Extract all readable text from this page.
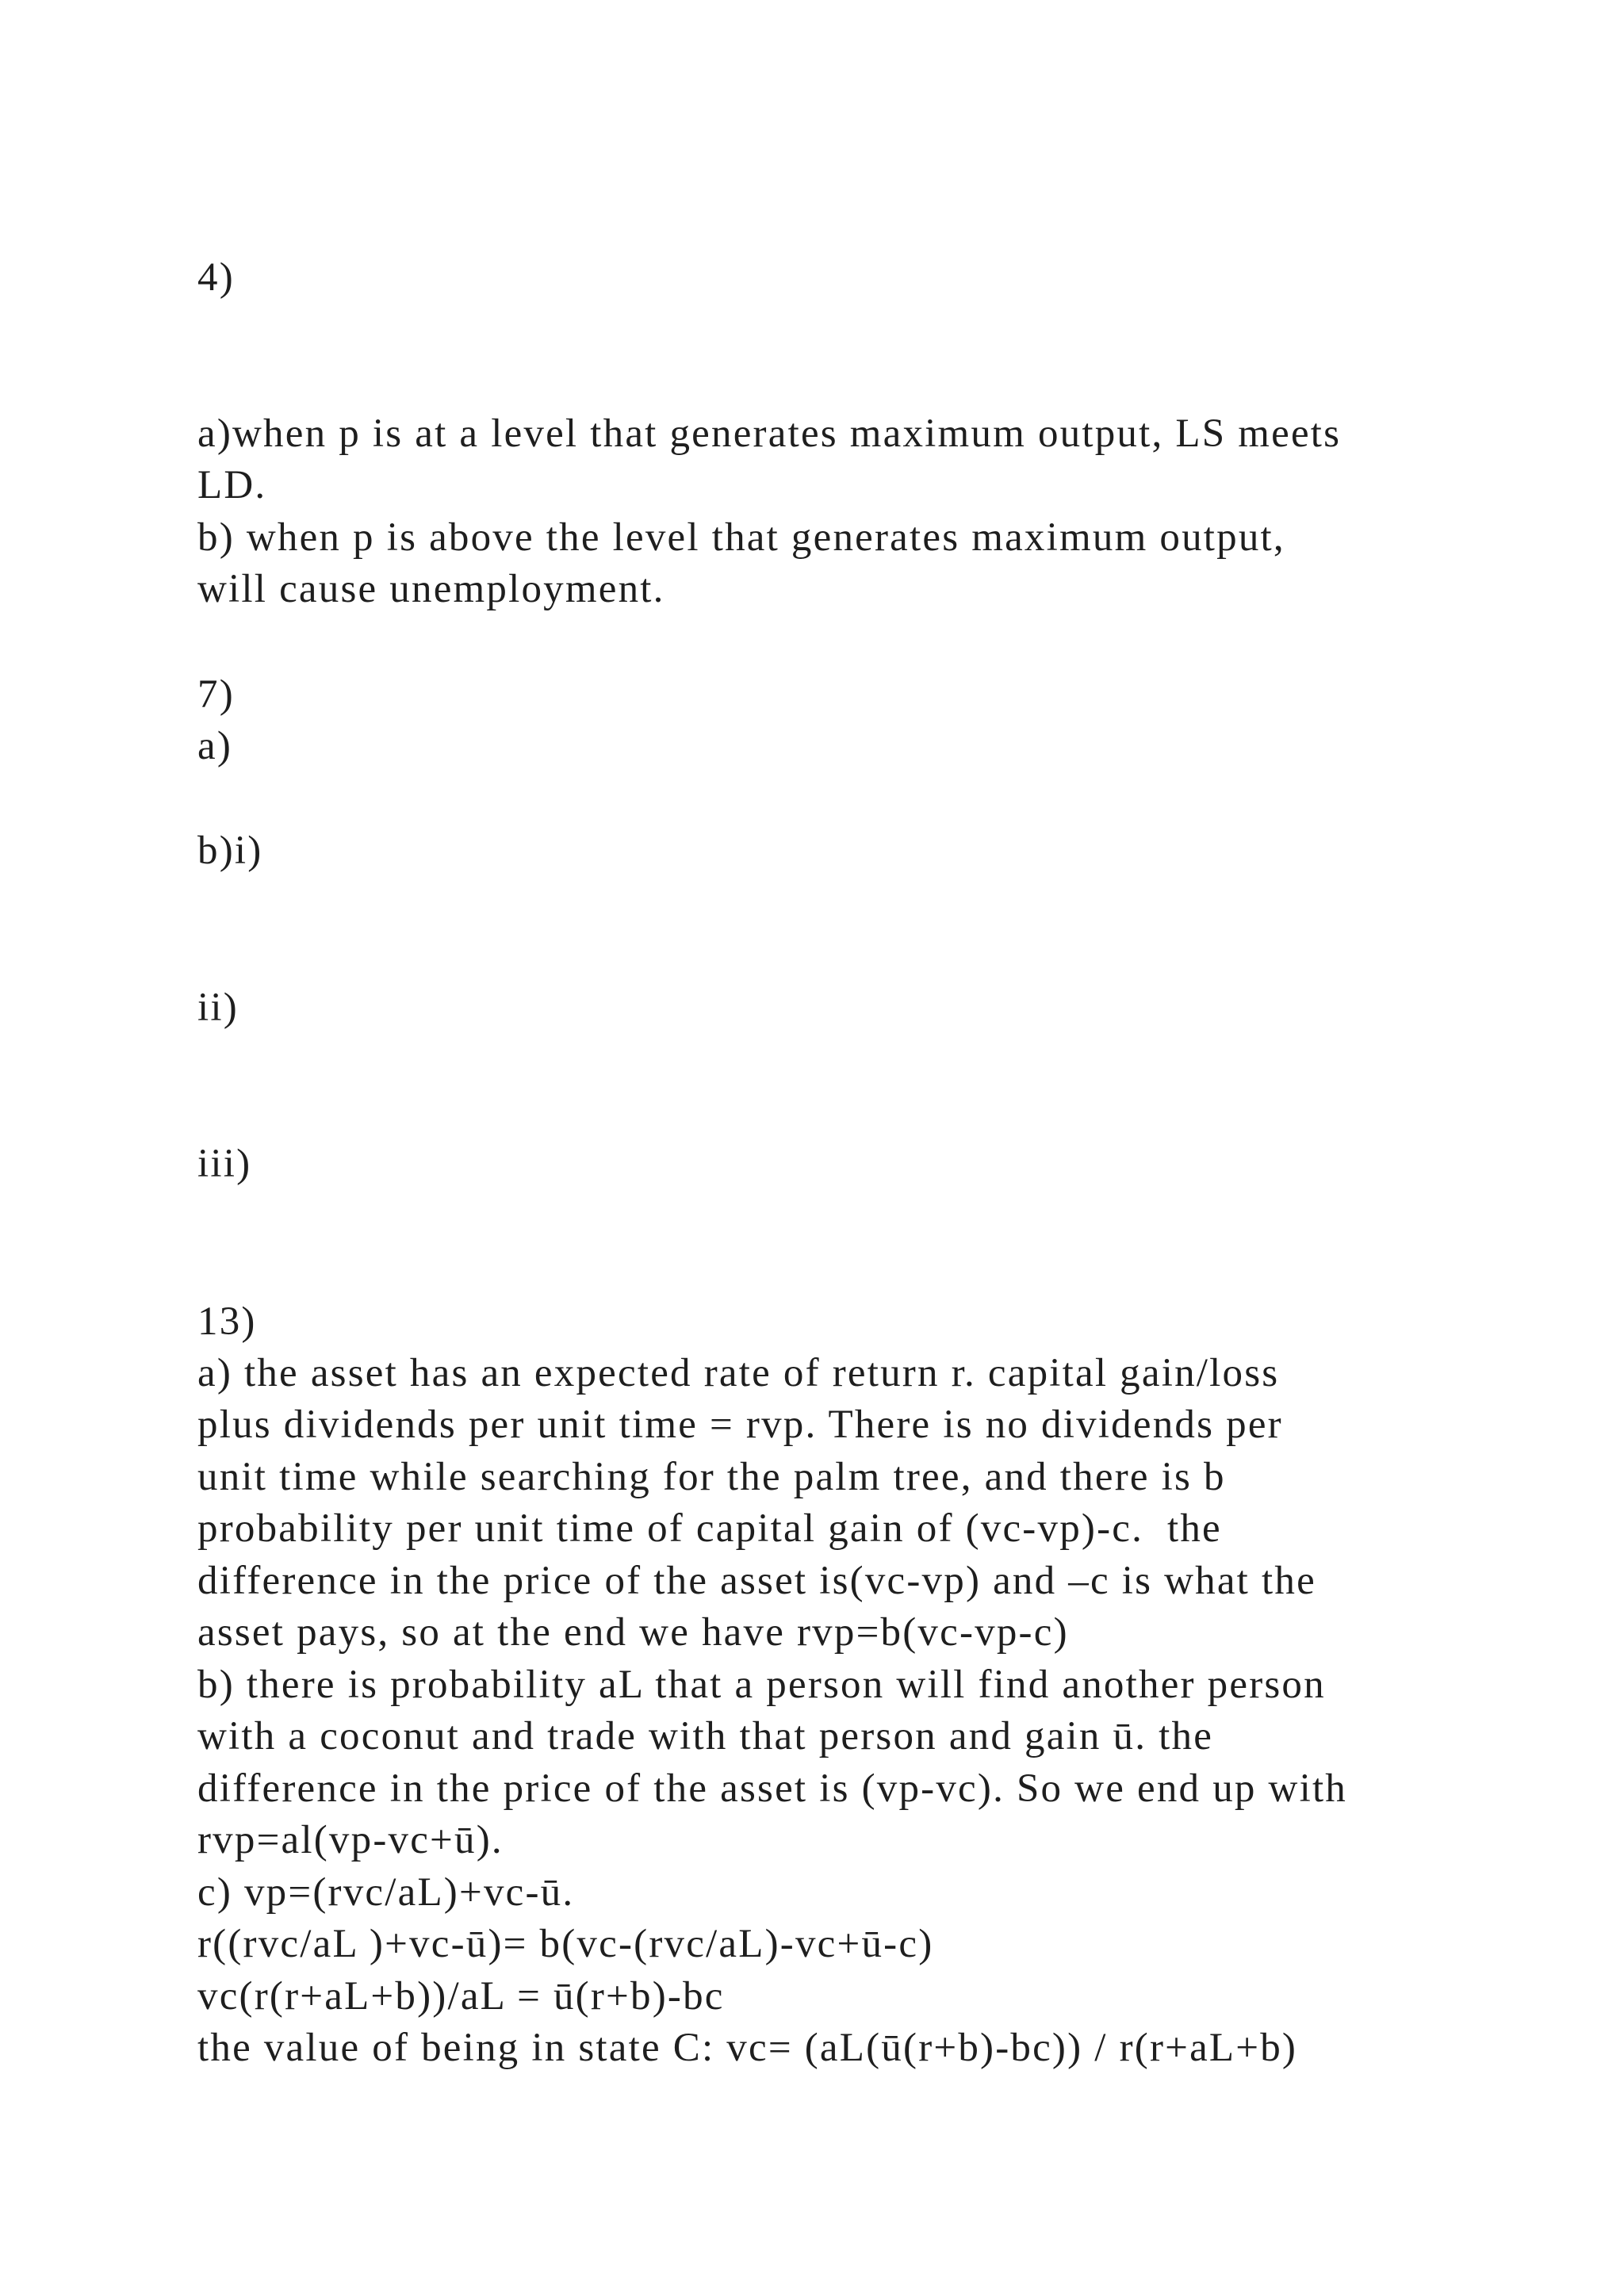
4)

a)when p is at a level that generates maximum output, LS meets

LD.

b) when p is above the level that generates maximum output,

will cause unemployment.

7)

a)

b)i)

ii)

iii)

13)

a) the asset has an expected rate of return r. capital gain/loss

plus dividends per unit time = rvp. There is no dividends per

unit time while searching for the palm tree, and there is b

probability per unit time of capital gain of (vc-vp)-c.  the

difference in the price of the asset is(vc-vp) and –c is what the

asset pays, so at the end we have rvp=b(vc-vp-c)

b) there is probability aL that a person will find another person

with a coconut and trade with that person and gain ū. the

difference in the price of the asset is (vp-vc). So we end up with

rvp=al(vp-vc+ū).

c) vp=(rvc/aL)+vc-ū.

r((rvc/aL )+vc-ū)= b(vc-(rvc/aL)-vc+ū-c)

vc(r(r+aL+b))/aL = ū(r+b)-bc

the value of being in state C: vc= (aL(ū(r+b)-bc)) / r(r+aL+b)
